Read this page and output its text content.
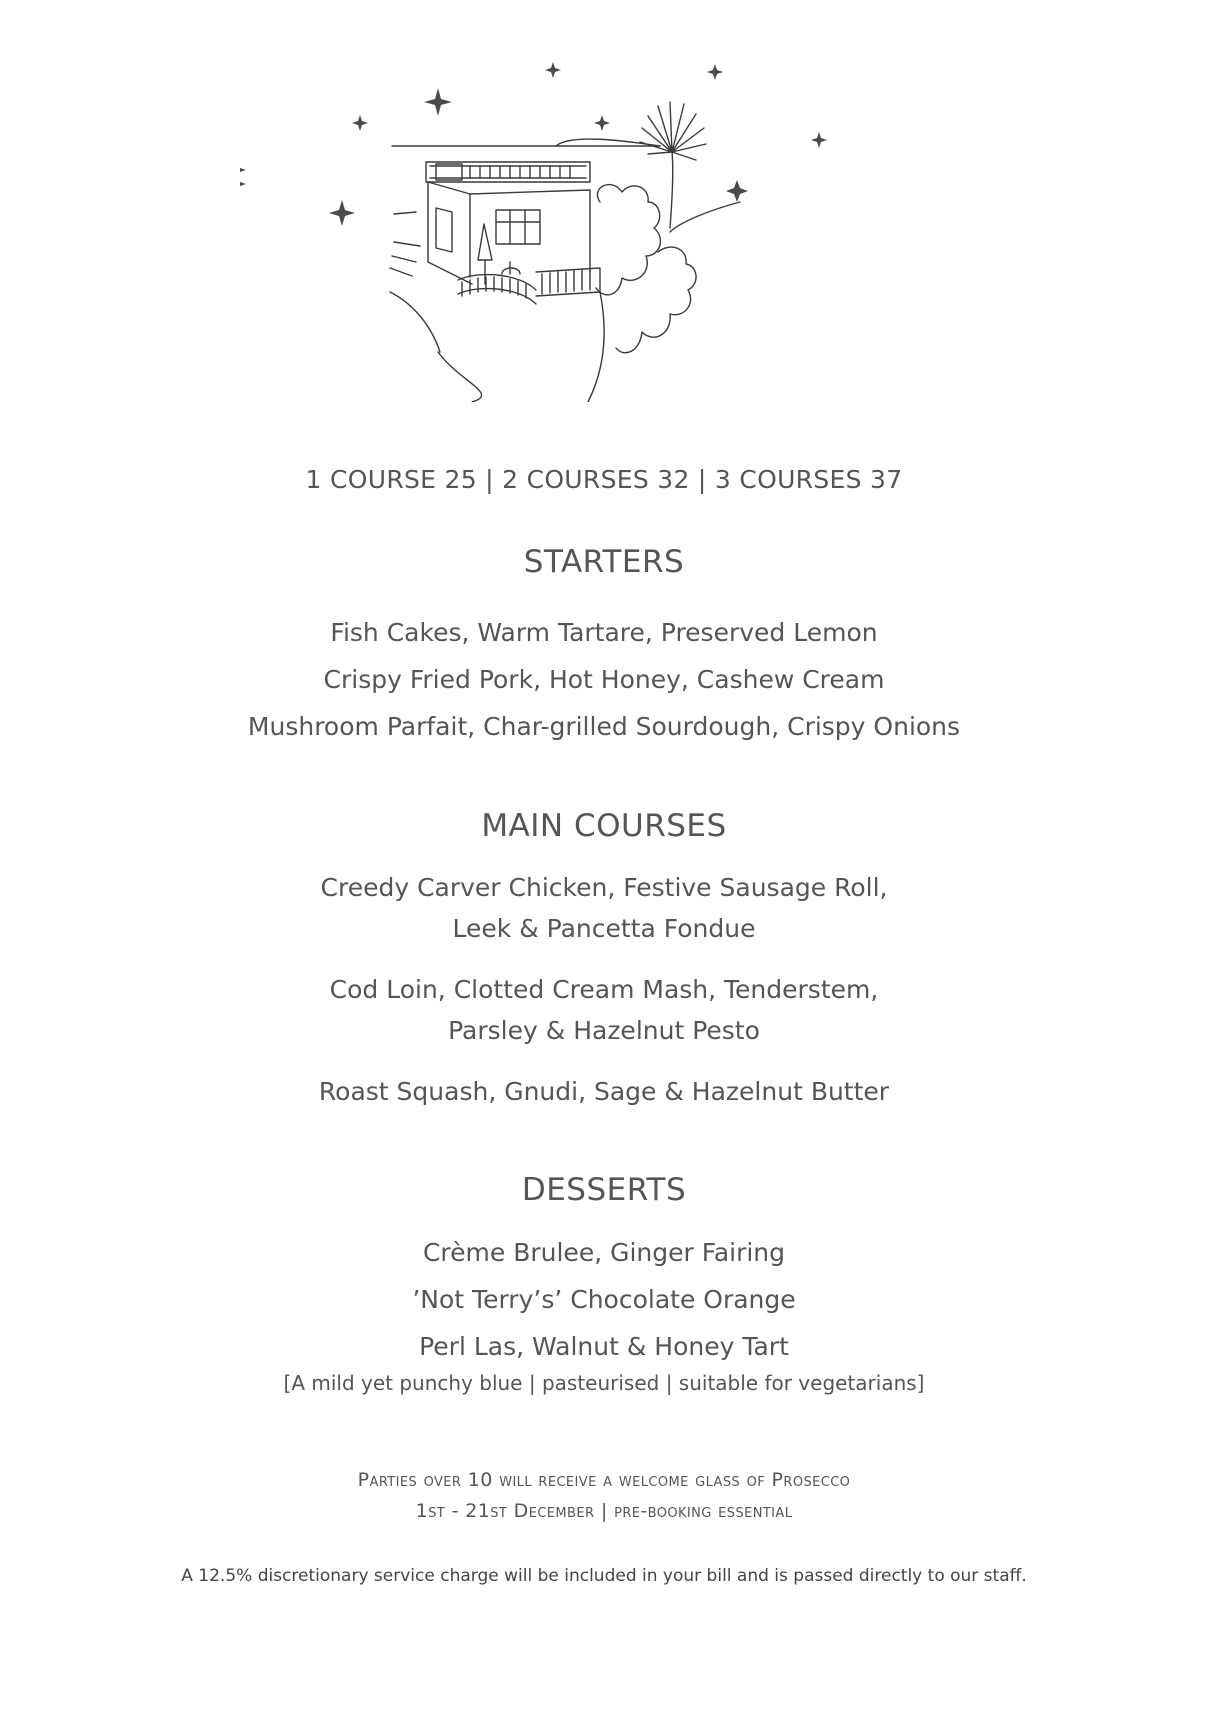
1 COURSE 25 | 2 COURSES 32 | 3 COURSES 37
STARTERS
Fish Cakes, Warm Tartare, Preserved Lemon
Crispy Fried Pork, Hot Honey, Cashew Cream
Mushroom Parfait, Char-grilled Sourdough, Crispy Onions
MAIN COURSES
Creedy Carver Chicken, Festive Sausage Roll,
Leek & Pancetta Fondue
Cod Loin, Clotted Cream Mash, Tenderstem,
Parsley & Hazelnut Pesto
Roast Squash, Gnudi, Sage & Hazelnut Butter
DESSERTS
Crème Brulee, Ginger Fairing
’Not Terry’s’ Chocolate Orange
Perl Las, Walnut & Honey Tart
[A mild yet punchy blue | pasteurised | suitable for vegetarians]
Parties over 10 will receive a welcome glass of Prosecco
1st - 21st December | pre-booking essential
A 12.5% discretionary service charge will be included in your bill and is passed directly to our staff.
